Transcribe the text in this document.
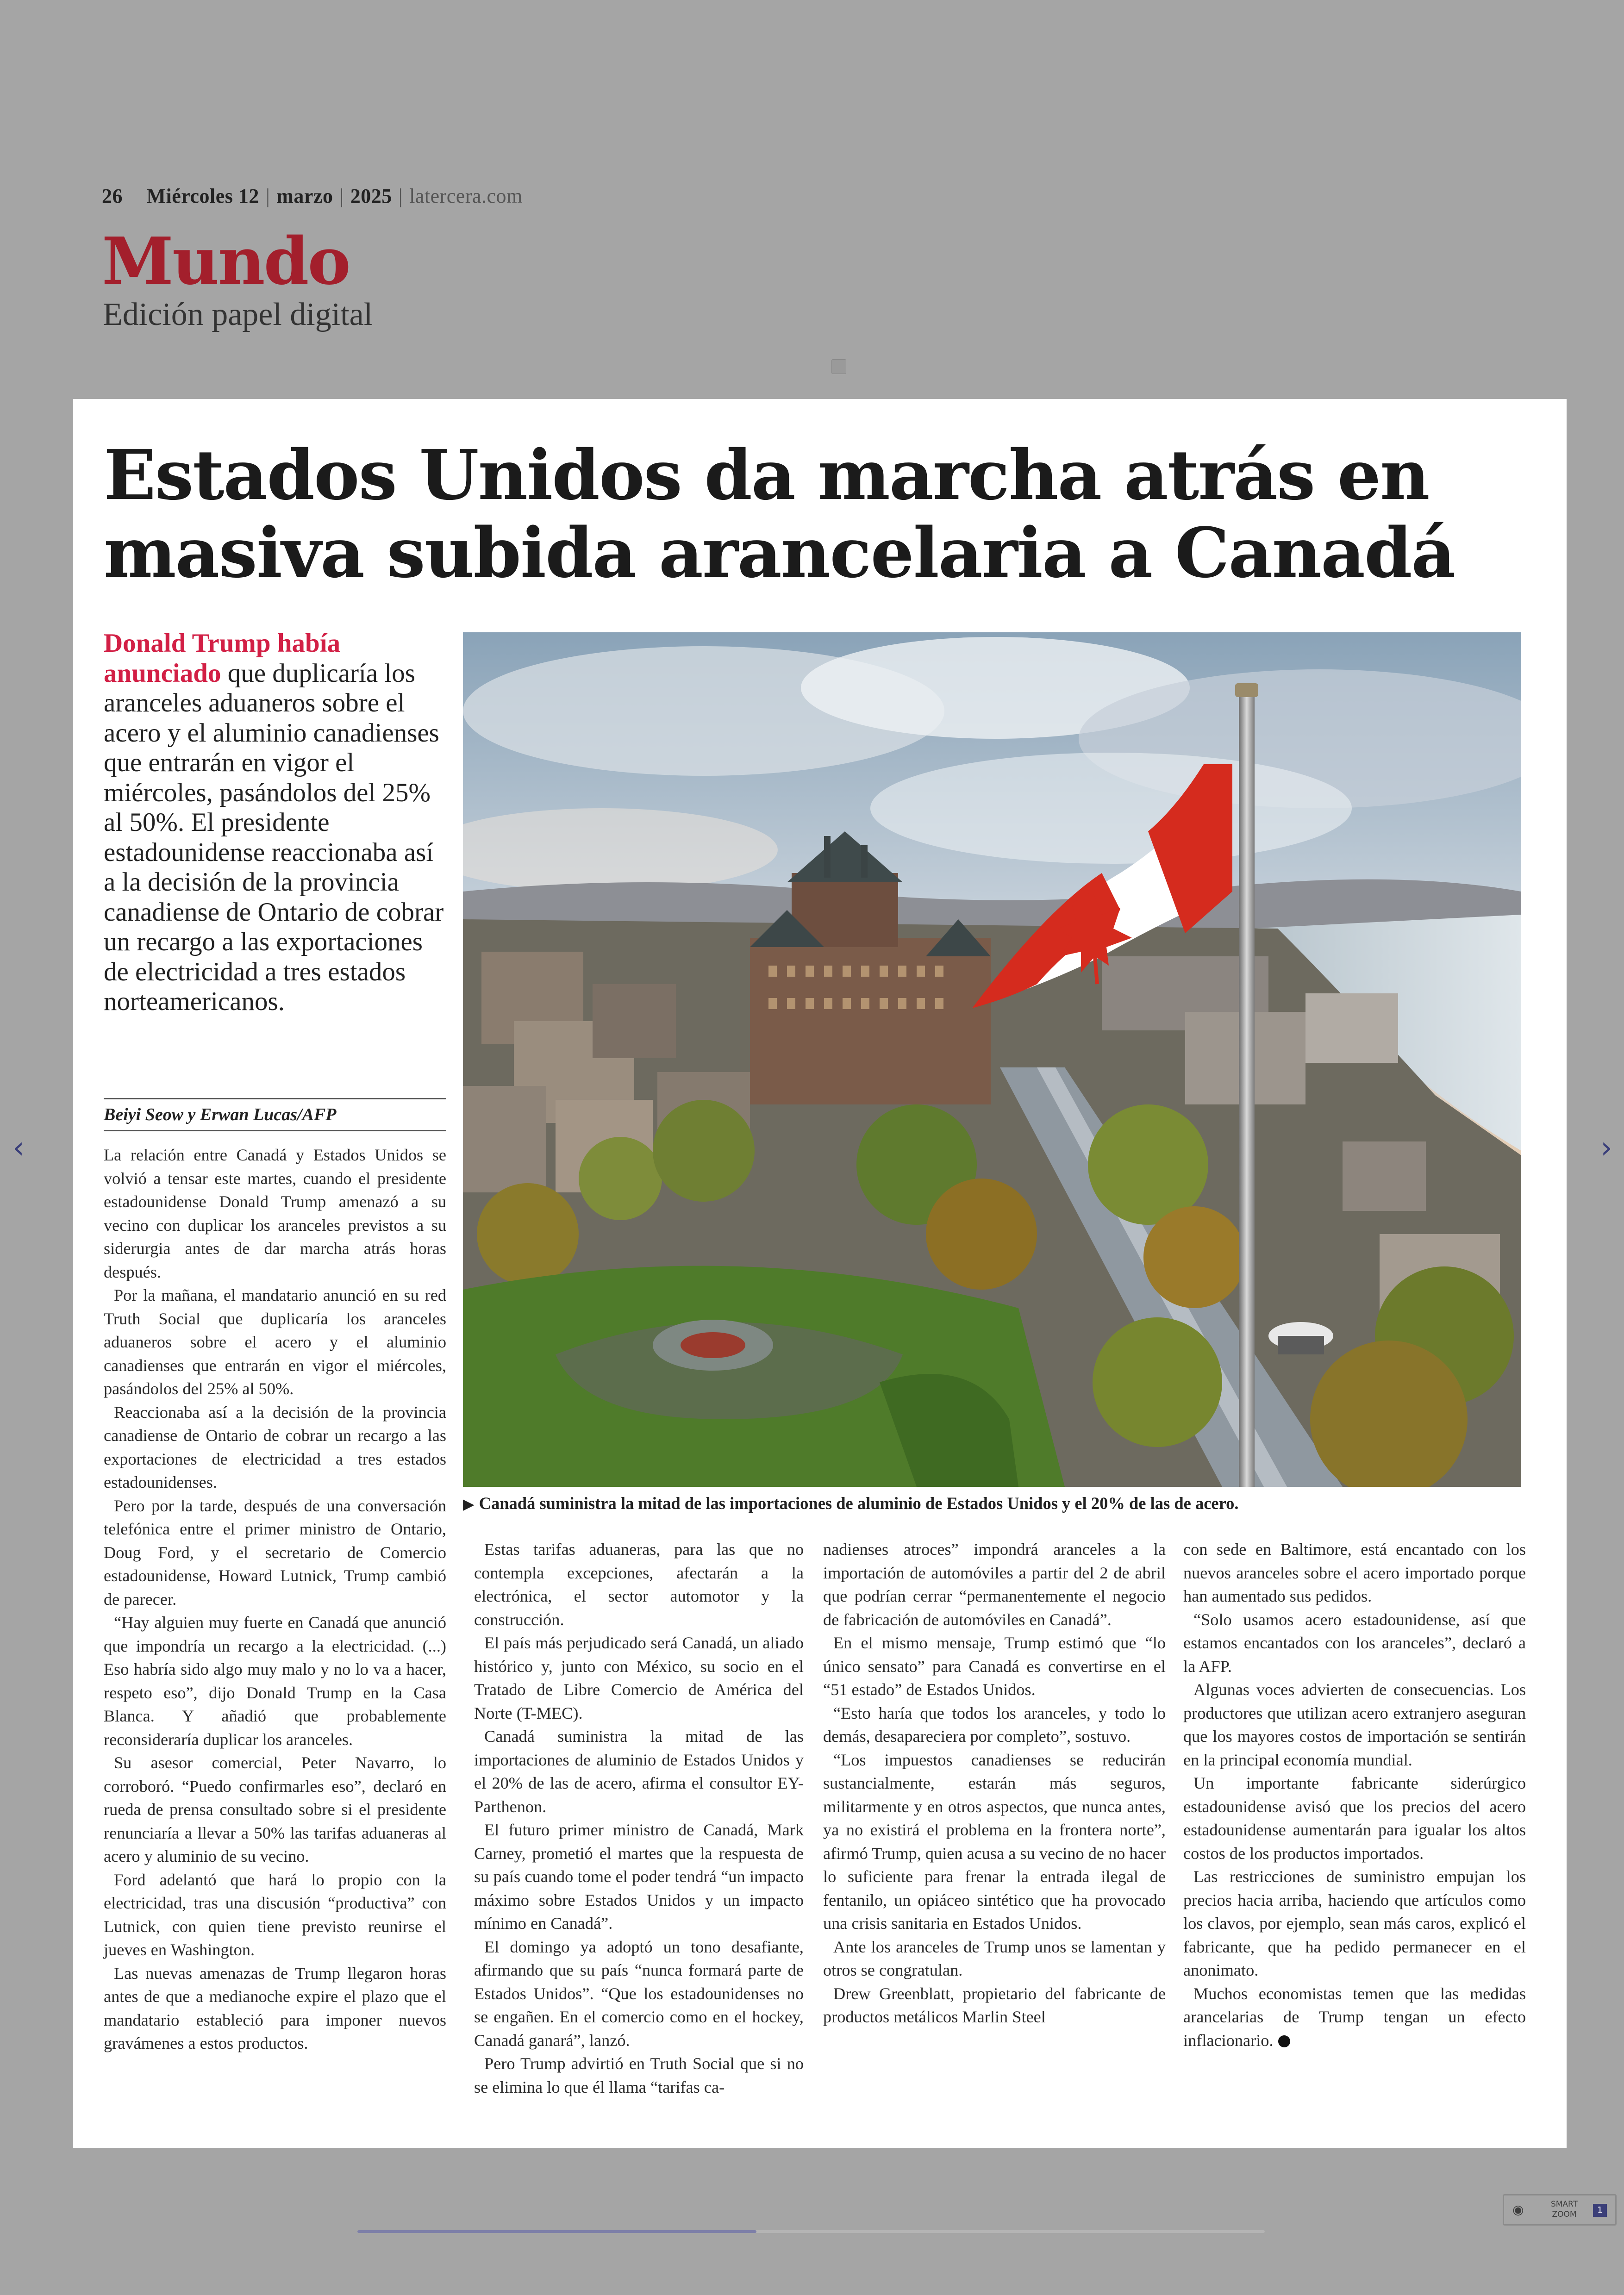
26 Miércoles 12 | marzo | 2025 | latercera.com
Mundo
Edición papel digital
‹	›
Estados Unidos da marcha atrás en masiva subida arancelaria a Canadá
Donald Trump había anunciado que duplicaría los aranceles aduaneros sobre el acero y el aluminio canadienses que entrarán en vigor el miércoles, pasándolos del 25% al 50%. El presidente estadounidense reaccionaba así a la decisión de la provincia canadiense de Ontario de cobrar un recargo a las exportaciones de electricidad a tres estados norteamericanos.
Beiyi Seow y Erwan Lucas/AFP

La relación entre Canadá y Estados Unidos se volvió a tensar este martes, cuando el presidente estadounidense Donald Trump amenazó a su vecino con duplicar los aranceles previstos a su siderurgia antes de dar marcha atrás horas después.

Por la mañana, el mandatario anunció en su red Truth Social que duplicaría los aranceles aduaneros sobre el acero y el aluminio canadienses que entrarán en vigor el miércoles, pasándolos del 25% al 50%.

Reaccionaba así a la decisión de la provincia canadiense de Ontario de cobrar un recargo a las exportaciones de electricidad a tres estados estadounidenses.

Pero por la tarde, después de una conversación telefónica entre el primer ministro de Ontario, Doug Ford, y el secretario de Comercio estadounidense, Howard Lutnick, Trump cambió de parecer.

“Hay alguien muy fuerte en Canadá que anunció que impondría un recargo a la electricidad. (...) Eso habría sido algo muy malo y no lo va a hacer, respeto eso”, dijo Donald Trump en la Casa Blanca. Y añadió que probablemente reconsideraría duplicar los aranceles.

Su asesor comercial, Peter Navarro, lo corroboró. “Puedo confirmarles eso”, declaró en rueda de prensa consultado sobre si el presidente renunciaría a llevar a 50% las tarifas aduaneras al acero y aluminio de su vecino.

Ford adelantó que hará lo propio con la electricidad, tras una discusión “productiva” con Lutnick, con quien tiene previsto reunirse el jueves en Washington.

Las nuevas amenazas de Trump llegaron horas antes de que a medianoche expire el plazo que el mandatario estableció para imponer nuevos gravámenes a estos productos.

▶ Canadá suministra la mitad de las importaciones de aluminio de Estados Unidos y el 20% de las de acero.

Estas tarifas aduaneras, para las que no contempla excepciones, afectarán a la electrónica, el sector automotor y la construcción.

El país más perjudicado será Canadá, un aliado histórico y, junto con México, su socio en el Tratado de Libre Comercio de América del Norte (T-MEC).

Canadá suministra la mitad de las importaciones de aluminio de Estados Unidos y el 20% de las de acero, afirma el consultor EY-Parthenon.

El futuro primer ministro de Canadá, Mark Carney, prometió el martes que la respuesta de su país cuando tome el poder tendrá “un impacto máximo sobre Estados Unidos y un impacto mínimo en Canadá”.

El domingo ya adoptó un tono desafiante, afirmando que su país “nunca formará parte de Estados Unidos”. “Que los estadounidenses no se engañen. En el comercio como en el hockey, Canadá ganará”, lanzó.

Pero Trump advirtió en Truth Social que si no se elimina lo que él llama “tarifas ca-

nadienses atroces” impondrá aranceles a la importación de automóviles a partir del 2 de abril que podrían cerrar “permanentemente el negocio de fabricación de automóviles en Canadá”.

En el mismo mensaje, Trump estimó que “lo único sensato” para Canadá es convertirse en el “51 estado” de Estados Unidos.

“Esto haría que todos los aranceles, y todo lo demás, desapareciera por completo”, sostuvo.

“Los impuestos canadienses se reducirán sustancialmente, estarán más seguros, militarmente y en otros aspectos, que nunca antes, ya no existirá el problema en la frontera norte”, afirmó Trump, quien acusa a su vecino de no hacer lo suficiente para frenar la entrada ilegal de fentanilo, un opiáceo sintético que ha provocado una crisis sanitaria en Estados Unidos.

Ante los aranceles de Trump unos se lamentan y otros se congratulan.

Drew Greenblatt, propietario del fabricante de productos metálicos Marlin Steel

con sede en Baltimore, está encantado con los nuevos aranceles sobre el acero importado porque han aumentado sus pedidos.

“Solo usamos acero estadounidense, así que estamos encantados con los aranceles”, declaró a la AFP.

Algunas voces advierten de consecuencias. Los productores que utilizan acero extranjero aseguran que los mayores costos de importación se sentirán en la principal economía mundial.

Un importante fabricante siderúrgico estadounidense avisó que los precios del acero estadounidense aumentarán para igualar los altos costos de los productos importados.

Las restricciones de suministro empujan los precios hacia arriba, haciendo que artículos como los clavos, por ejemplo, sean más caros, explicó el fabricante, que ha pedido permanecer en el anonimato.

Muchos economistas temen que las medidas arancelarias de Trump tengan un efecto inflacionario.

◉	SMART
ZOOM	1
